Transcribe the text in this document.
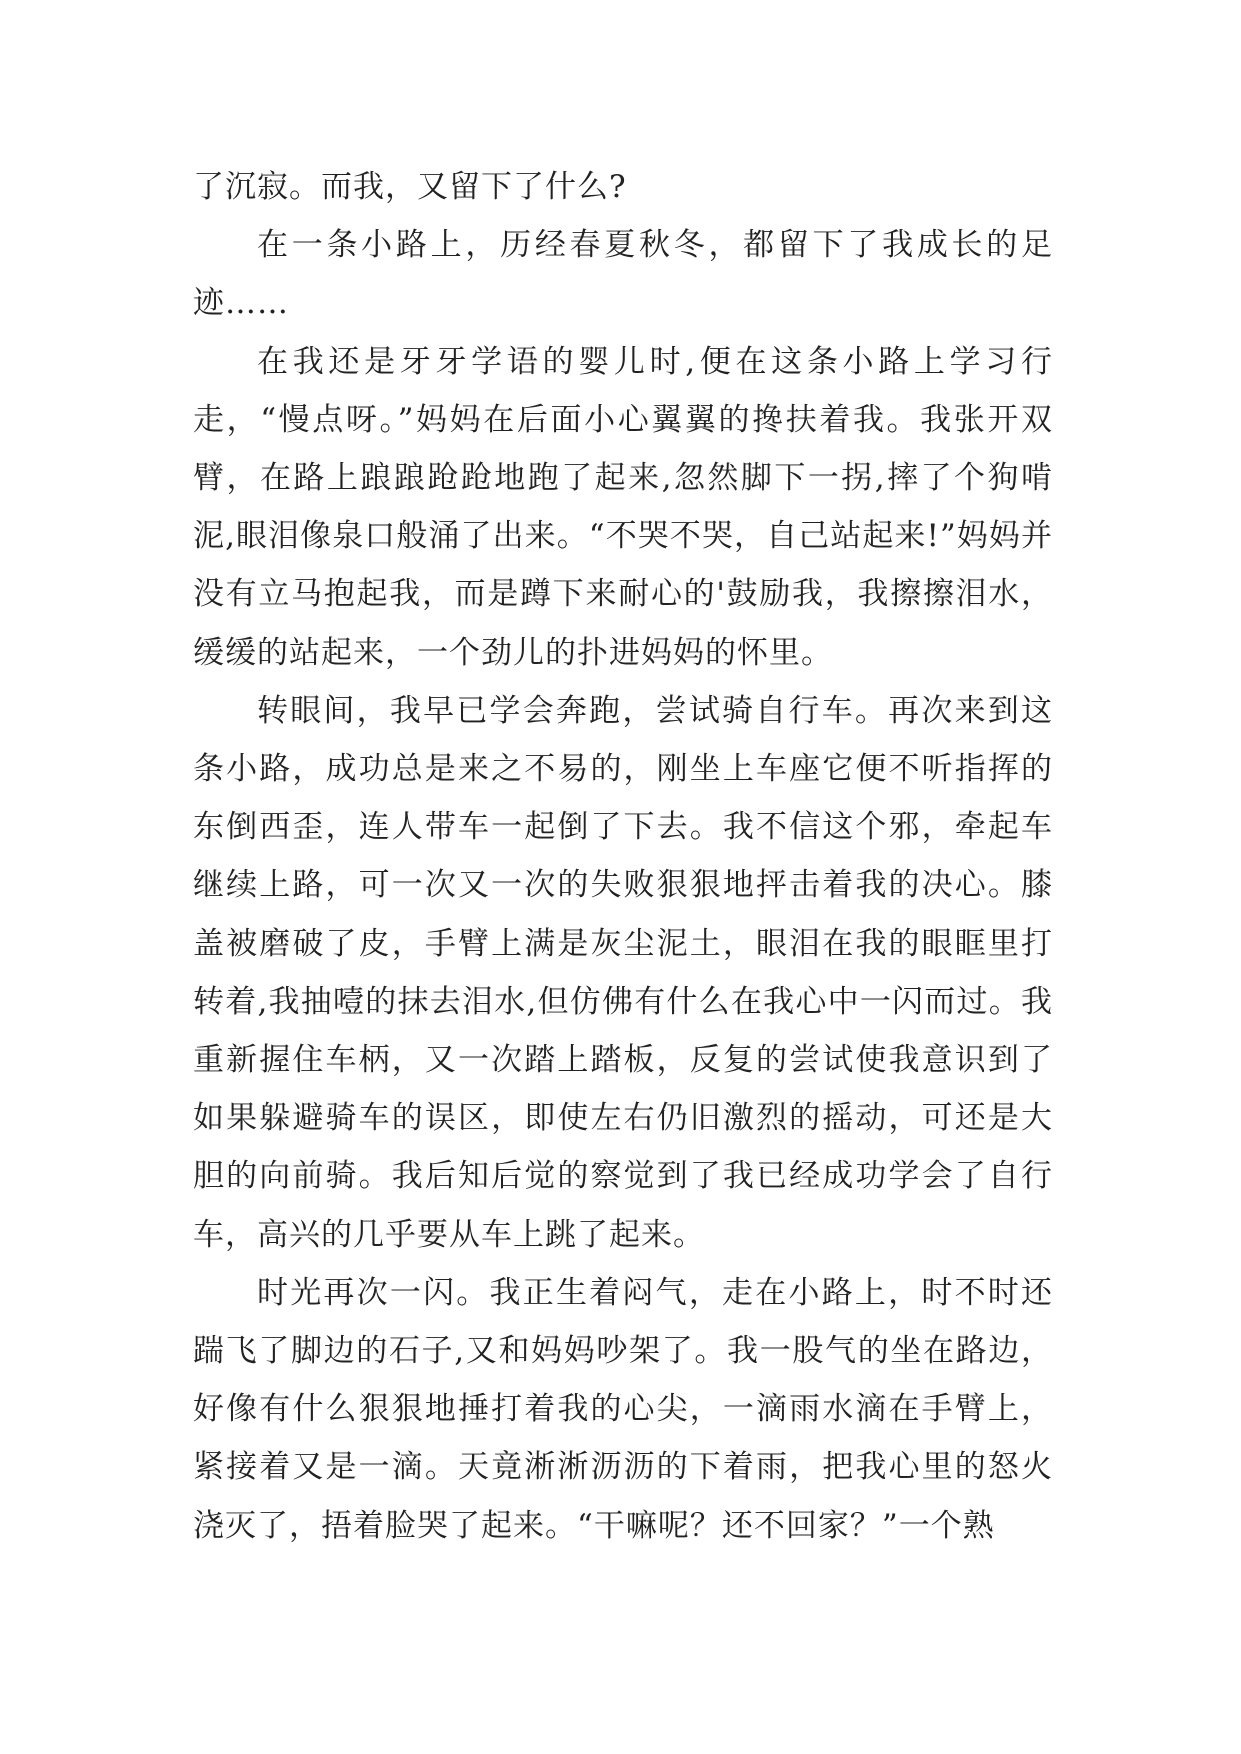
了沉寂。而我，又留下了什么?

在一条小路上，历经春夏秋冬，都留下了我成长的足迹……

在我还是牙牙学语的婴儿时,便在这条小路上学习行走，“慢点呀。”妈妈在后面小心翼翼的搀扶着我。我张开双臂，在路上踉踉跄跄地跑了起来,忽然脚下一拐,摔了个狗啃泥,眼泪像泉口般涌了出来。“不哭不哭，自己站起来!”妈妈并没有立马抱起我，而是蹲下来耐心的'鼓励我，我擦擦泪水，缓缓的站起来，一个劲儿的扑进妈妈的怀里。

转眼间，我早已学会奔跑，尝试骑自行车。再次来到这条小路，成功总是来之不易的，刚坐上车座它便不听指挥的东倒西歪，连人带车一起倒了下去。我不信这个邪，牵起车继续上路，可一次又一次的失败狠狠地抨击着我的决心。膝盖被磨破了皮，手臂上满是灰尘泥土，眼泪在我的眼眶里打转着,我抽噎的抹去泪水,但仿佛有什么在我心中一闪而过。我重新握住车柄，又一次踏上踏板，反复的尝试使我意识到了如果躲避骑车的误区，即使左右仍旧激烈的摇动，可还是大胆的向前骑。我后知后觉的察觉到了我已经成功学会了自行车，高兴的几乎要从车上跳了起来。

时光再次一闪。我正生着闷气，走在小路上，时不时还踹飞了脚边的石子,又和妈妈吵架了。我一股气的坐在路边，好像有什么狠狠地捶打着我的心尖，一滴雨水滴在手臂上，紧接着又是一滴。天竟淅淅沥沥的下着雨，把我心里的怒火浇灭了，捂着脸哭了起来。“干嘛呢？还不回家？”一个熟
